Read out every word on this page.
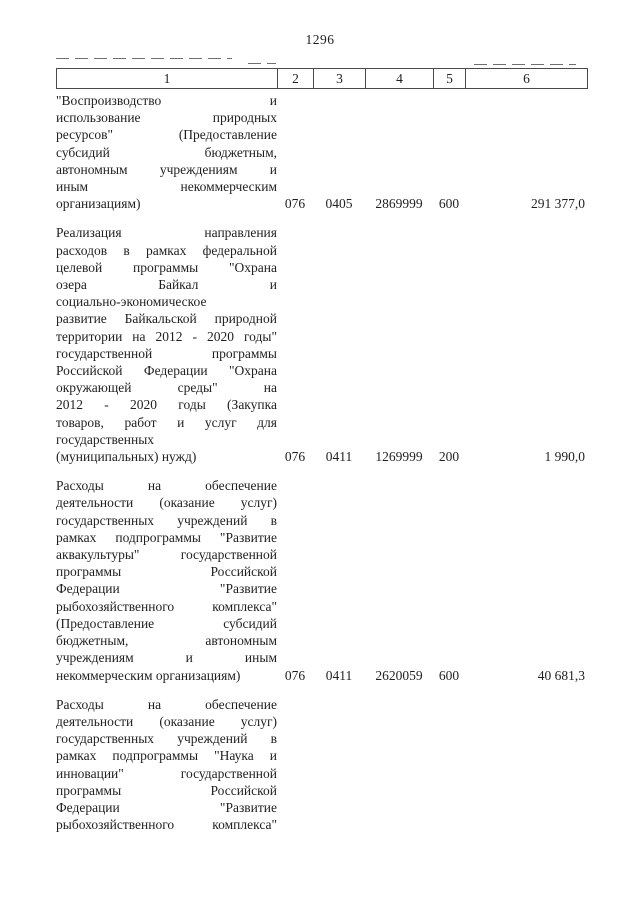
1296
1	2	3	4	5	6
"Воспроизводство и
использование природных
ресурсов" (Предоставление
субсидий бюджетным,
автономным учреждениям и
иным некоммерческим
организациям)	076	0405	2869999	600	291 377,0
Реализация направления
расходов в рамках федеральной
целевой программы "Охрана
озера Байкал и
социально-экономическое
развитие Байкальской природной
территории на 2012 - 2020 годы"
государственной программы
Российской Федерации "Охрана
окружающей среды" на
2012 - 2020 годы (Закупка
товаров, работ и услуг для
государственных
(муниципальных) нужд)	076	0411	1269999	200	1 990,0
Расходы на обеспечение
деятельности (оказание услуг)
государственных учреждений в
рамках подпрограммы "Развитие
аквакультуры" государственной
программы Российской
Федерации "Развитие
рыбохозяйственного комплекса"
(Предоставление субсидий
бюджетным, автономным
учреждениям и иным
некоммерческим организациям)	076	0411	2620059	600	40 681,3
Расходы на обеспечение
деятельности (оказание услуг)
государственных учреждений в
рамках подпрограммы "Наука и
инновации" государственной
программы Российской
Федерации "Развитие
рыбохозяйственного комплекса"
